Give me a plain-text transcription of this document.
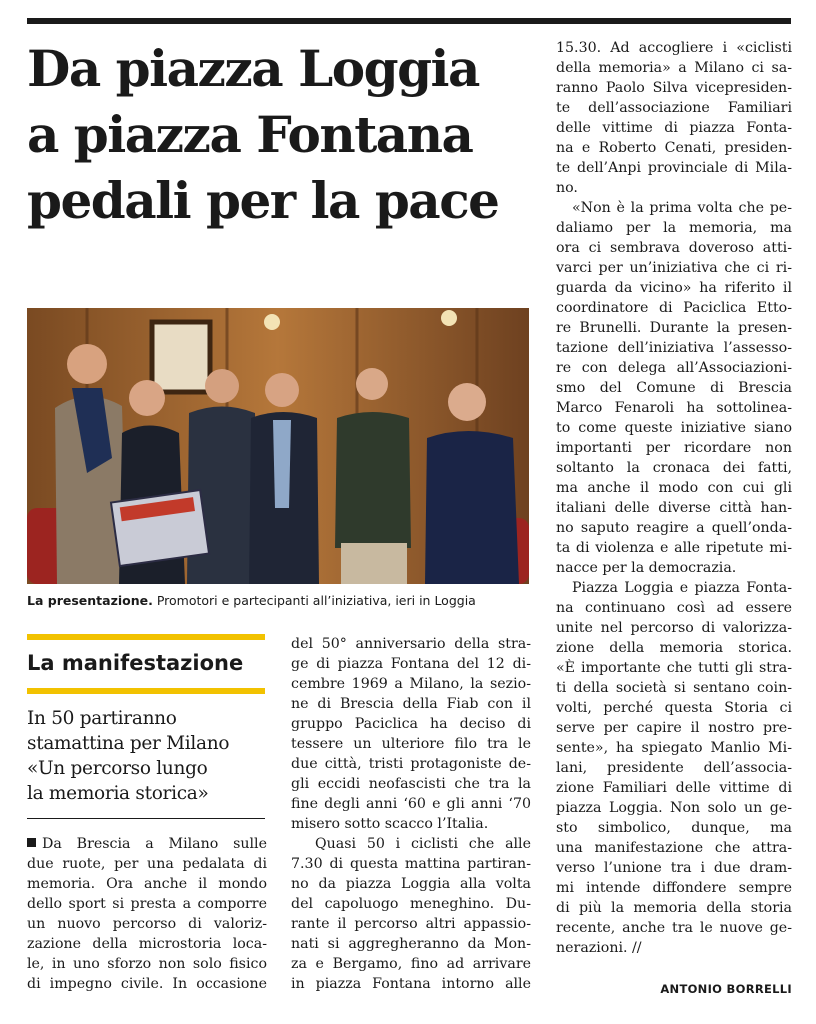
Da piazza Loggia
a piazza Fontana
pedali per la pace
La presentazione. Promotori e partecipanti all’iniziativa, ieri in Loggia
La manifestazione
In 50 partiranno
stamattina per Milano
«Un percorso lungo
la memoria storica»
Da Brescia a Milano sulle
due ruote, per una pedalata di
memoria. Ora anche il mondo
dello sport si presta a comporre un nuovo percorso di valoriz-
zazione della microstoria loca-
le, in uno sforzo non solo fisico
di impegno civile. In occasione
del 50° anniversario della stra-
ge di piazza Fontana del 12 di-
cembre 1969 a Milano, la sezio-
ne di Brescia della Fiab con il
gruppo Paciclica ha deciso di
tessere un ulteriore filo tra le
due città, tristi protagoniste de-
gli eccidi neofascisti che tra la
fine degli anni ‘60 e gli anni ‘70
misero sotto scacco l’Italia.
Quasi 50 i ciclisti che alle
7.30 di questa mattina partiran-
no da piazza Loggia alla volta
del capoluogo meneghino. Du-
rante il percorso altri appassio-
nati si aggregheranno da Mon-
za e Bergamo, fino ad arrivare
in piazza Fontana intorno alle
15.30. Ad accogliere i «ciclisti
della memoria» a Milano ci sa-
ranno Paolo Silva vicepresiden-
te dell’associazione Familiari
delle vittime di piazza Fonta-
na e Roberto Cenati, presiden-
te dell’Anpi provinciale di Mila-
no.
«Non è la prima volta che pe-
daliamo per la memoria, ma
ora ci sembrava doveroso atti-
varci per un’iniziativa che ci ri-
guarda da vicino» ha riferito il
coordinatore di Paciclica Etto-
re Brunelli. Durante la presen-
tazione dell’iniziativa l’assesso-
re con delega all’Associazioni-
smo del Comune di Brescia
Marco Fenaroli ha sottolinea-
to come queste iniziative siano
importanti per ricordare non
soltanto la cronaca dei fatti,
ma anche il modo con cui gli
italiani delle diverse città han-
no saputo reagire a quell’onda-
ta di violenza e alle ripetute mi-
nacce per la democrazia.
Piazza Loggia e piazza Fonta-
na continuano così ad essere
unite nel percorso di valorizza-
zione della memoria storica.
«È importante che tutti gli stra-
ti della società si sentano coin-
volti, perché questa Storia ci
serve per capire il nostro pre-
sente», ha spiegato Manlio Mi-
lani, presidente dell’associa-
zione Familiari delle vittime di
piazza Loggia. Non solo un ge-
sto simbolico, dunque, ma
una manifestazione che attra-
verso l’unione tra i due dram-
mi intende diffondere sempre
di più la memoria della storia
recente, anche tra le nuove ge-
nerazioni. //
ANTONIO BORRELLI
